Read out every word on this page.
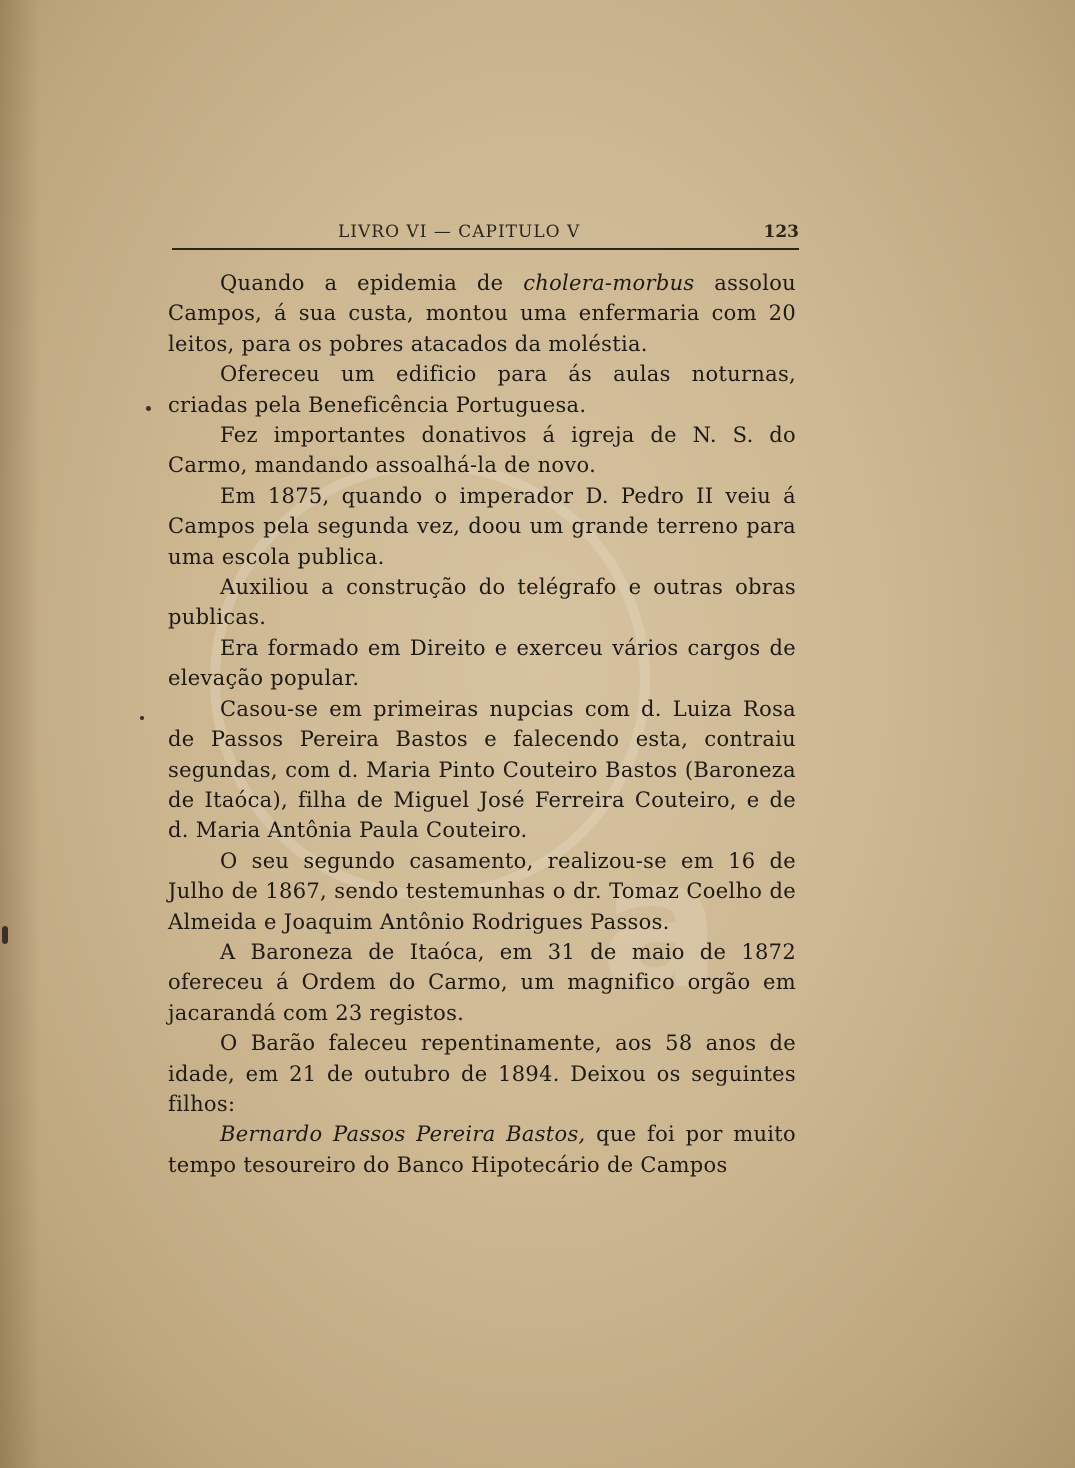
a
LIVRO VI — CAPITULO V	123

Quando a epidemia de cholera-morbus assolou Campos, á sua custa, montou uma enfermaria com 20 leitos, para os pobres atacados da moléstia.

Ofereceu um edificio para ás aulas noturnas, criadas pela Beneficência Portuguesa.

Fez importantes donativos á igreja de N. S. do Carmo, mandando assoalhá-la de novo.

Em 1875, quando o imperador D. Pedro II veiu á Campos pela segunda vez, doou um grande terreno para uma escola publica.

Auxiliou a construção do telégrafo e outras obras publicas.

Era formado em Direito e exerceu vários cargos de elevação popular.

Casou-se em primeiras nupcias com d. Luiza Rosa de Passos Pereira Bastos e falecendo esta, contraiu segundas, com d. Maria Pinto Couteiro Bastos (Baroneza de Itaóca), filha de Miguel José Ferreira Couteiro, e de d. Maria Antônia Paula Couteiro.

O seu segundo casamento, realizou-se em 16 de Julho de 1867, sendo testemunhas o dr. Tomaz Coelho de Almeida e Joaquim Antônio Rodrigues Passos.

A Baroneza de Itaóca, em 31 de maio de 1872 ofereceu á Ordem do Carmo, um magnifico orgão em jacarandá com 23 registos.

O Barão faleceu repentinamente, aos 58 anos de idade, em 21 de outubro de 1894. Deixou os seguintes filhos:

Bernardo Passos Pereira Bastos, que foi por muito tempo tesoureiro do Banco Hipotecário de Campos
